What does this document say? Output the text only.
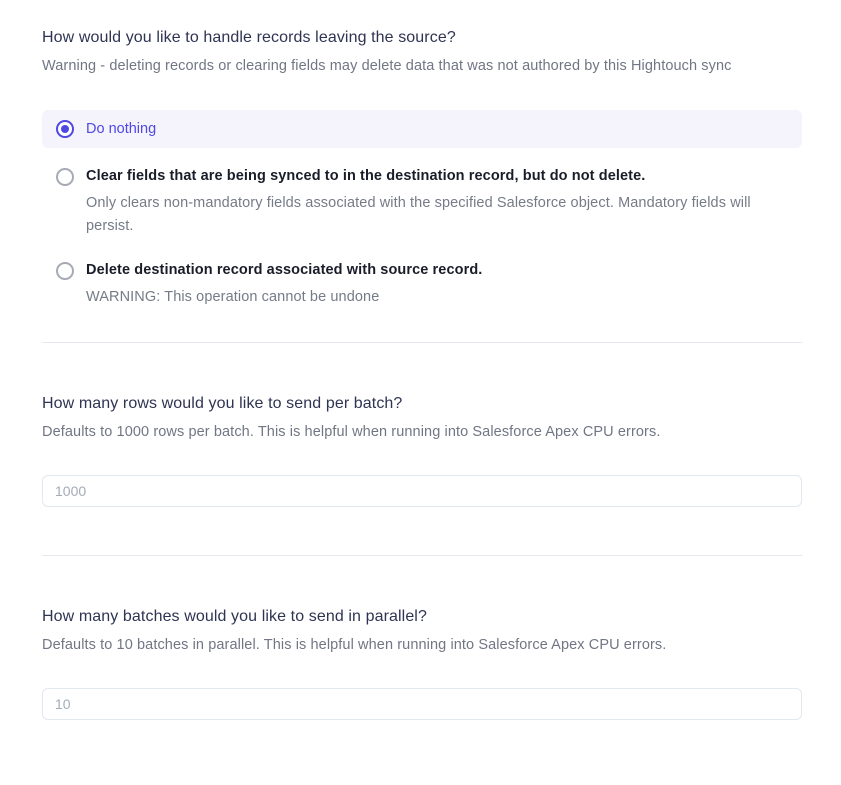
How would you like to handle records leaving the source?
Warning - deleting records or clearing fields may delete data that was not authored by this Hightouch sync
Do nothing
Clear fields that are being synced to in the destination record, but do not delete.
Only clears non-mandatory fields associated with the specified Salesforce object. Mandatory fields will persist.
Delete destination record associated with source record.
WARNING: This operation cannot be undone
How many rows would you like to send per batch?
Defaults to 1000 rows per batch. This is helpful when running into Salesforce Apex CPU errors.
1000
How many batches would you like to send in parallel?
Defaults to 10 batches in parallel. This is helpful when running into Salesforce Apex CPU errors.
10
